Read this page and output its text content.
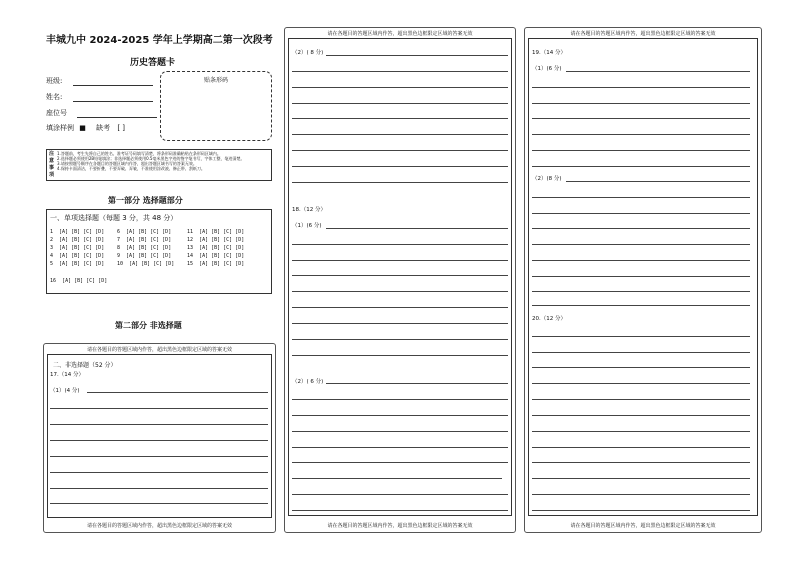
丰城九中 2024-2025 学年上学期高二第一次段考
历史答题卡
班级:
姓名:
座位号
填涂样例 ■ 缺考 [ ]
贴条形码
注
意
事
项
1.答题前，考生先将自己的姓名、准考证号码填写清楚，将条形码准确粘贴在条形码区域内。
2.选择题必须使用2B铅笔填涂；非选择题必须使用0.5毫米黑色字迹的签字笔书写，字体工整，笔迹清楚。
3.请按照题号顺序在各题目的答题区域内作答，超出答题区域书写的答案无效。
4.保持卡面清洁，不要折叠，不要弄破、弄皱，不准使用涂改液、修正带、刮纸刀。
第一部分 选择题部分
一、单项选择题（每题 3 分，共 48 分）
1 [A] [B] [C] [D]
2 [A] [B] [C] [D]
3 [A] [B] [C] [D]
4 [A] [B] [C] [D]
5 [A] [B] [C] [D]
6 [A] [B] [C] [D]
7 [A] [B] [C] [D]
8 [A] [B] [C] [D]
9 [A] [B] [C] [D]
10 [A] [B] [C] [D]
11 [A] [B] [C] [D]
12 [A] [B] [C] [D]
13 [A] [B] [C] [D]
14 [A] [B] [C] [D]
15 [A] [B] [C] [D]
16 [A] [B] [C] [D]
第二部分 非选择题
请在各题目的答题区域内作答，超出黑色边框限定区域的答案无效
二、非选择题（52 分）
17.（14 分）
（1）(4 分)
请在各题目的答题区域内作答，超出黑色边框限定区域的答案无效
请在各题目的答题区域内作答，超出黑色边框限定区域的答案无效
（2）( 8 分)
18.（12 分）
（1）(6 分)
（2）( 6 分)
请在各题目的答题区域内作答，超出黑色边框限定区域的答案无效
请在各题目的答题区域内作答，超出黑色边框限定区域的答案无效
19.（14 分）
（1）(6 分)
（2）(8 分)
20.（12 分）
请在各题目的答题区域内作答，超出黑色边框限定区域的答案无效
